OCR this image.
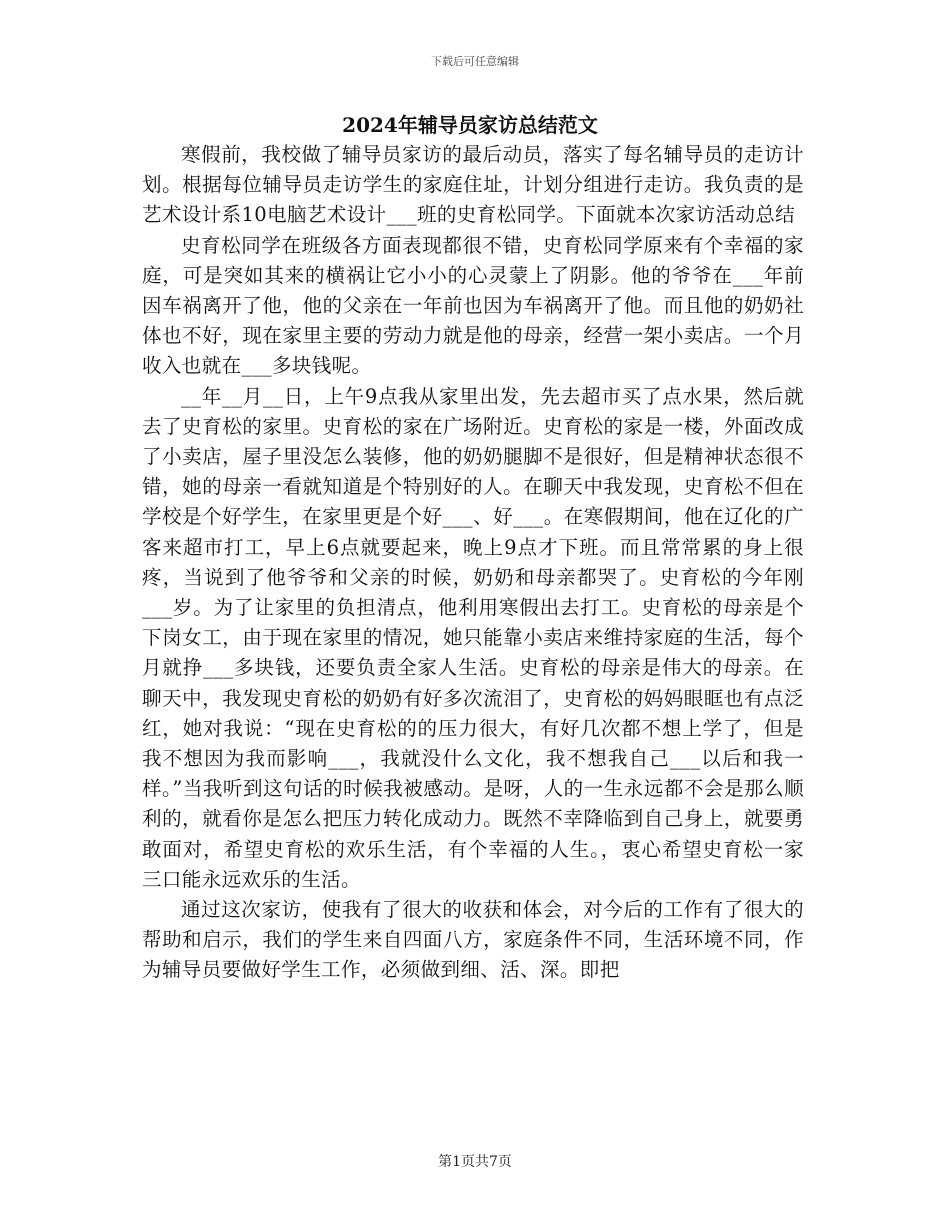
下载后可任意编辑
2024年辅导员家访总结范文

寒假前，我校做了辅导员家访的最后动员，落实了每名辅导员的走访计划。根据每位辅导员走访学生的家庭住址，计划分组进行走访。我负责的是艺术设计系10电脑艺术设计___班的史育松同学。下面就本次家访活动总结

史育松同学在班级各方面表现都很不错，史育松同学原来有个幸福的家庭，可是突如其来的横祸让它小小的心灵蒙上了阴影。他的爷爷在___年前因车祸离开了他，他的父亲在一年前也因为车祸离开了他。而且他的奶奶社体也不好，现在家里主要的劳动力就是他的母亲，经营一架小卖店。一个月收入也就在___多块钱呢。

__年__月__日，上午9点我从家里出发，先去超市买了点水果，然后就去了史育松的家里。史育松的家在广场附近。史育松的家是一楼，外面改成了小卖店，屋子里没怎么装修，他的奶奶腿脚不是很好，但是精神状态很不错，她的母亲一看就知道是个特别好的人。在聊天中我发现，史育松不但在学校是个好学生，在家里更是个好___、好___。在寒假期间，他在辽化的广客来超市打工，早上6点就要起来，晚上9点才下班。而且常常累的身上很疼，当说到了他爷爷和父亲的时候，奶奶和母亲都哭了。史育松的今年刚___岁。为了让家里的负担清点，他利用寒假出去打工。史育松的母亲是个下岗女工，由于现在家里的情况，她只能靠小卖店来维持家庭的生活，每个月就挣___多块钱，还要负责全家人生活。史育松的母亲是伟大的母亲。在聊天中，我发现史育松的奶奶有好多次流泪了，史育松的妈妈眼眶也有点泛红，她对我说：“现在史育松的的压力很大，有好几次都不想上学了，但是我不想因为我而影响___，我就没什么文化，我不想我自己___以后和我一样。”当我听到这句话的时候我被感动。是呀，人的一生永远都不会是那么顺利的，就看你是怎么把压力转化成动力。既然不幸降临到自己身上，就要勇敢面对，希望史育松的欢乐生活，有个幸福的人生。，衷心希望史育松一家三口能永远欢乐的生活。

通过这次家访，使我有了很大的收获和体会，对今后的工作有了很大的帮助和启示，我们的学生来自四面八方，家庭条件不同，生活环境不同，作为辅导员要做好学生工作，必须做到细、活、深。即把

第1页共7页
